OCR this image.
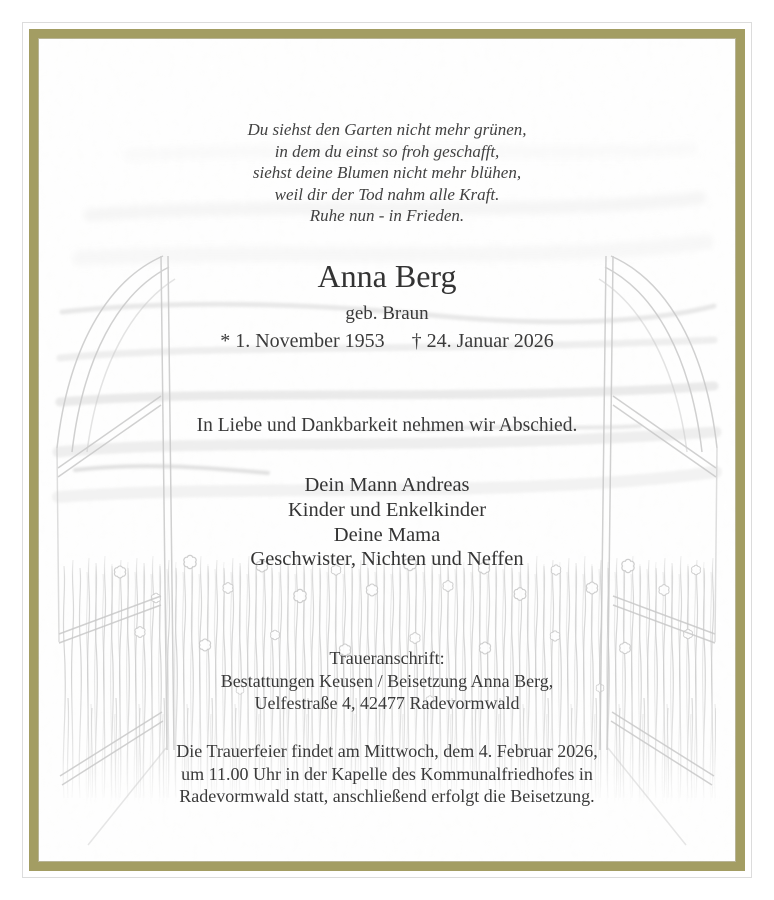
Du siehst den Garten nicht mehr grünen,
in dem du einst so froh geschafft,
siehst deine Blumen nicht mehr blühen,
weil dir der Tod nahm alle Kraft.
Ruhe nun - in Frieden.
Anna Berg
geb. Braun
* 1. November 1953 † 24. Januar 2026
In Liebe und Dankbarkeit nehmen wir Abschied.
Dein Mann Andreas
Kinder und Enkelkinder
Deine Mama
Geschwister, Nichten und Neffen
Traueranschrift:
Bestattungen Keusen / Beisetzung Anna Berg,
Uelfestraße 4, 42477 Radevormwald
Die Trauerfeier findet am Mittwoch, dem 4. Februar 2026,
um 11.00 Uhr in der Kapelle des Kommunalfriedhofes in
Radevormwald statt, anschließend erfolgt die Beisetzung.
